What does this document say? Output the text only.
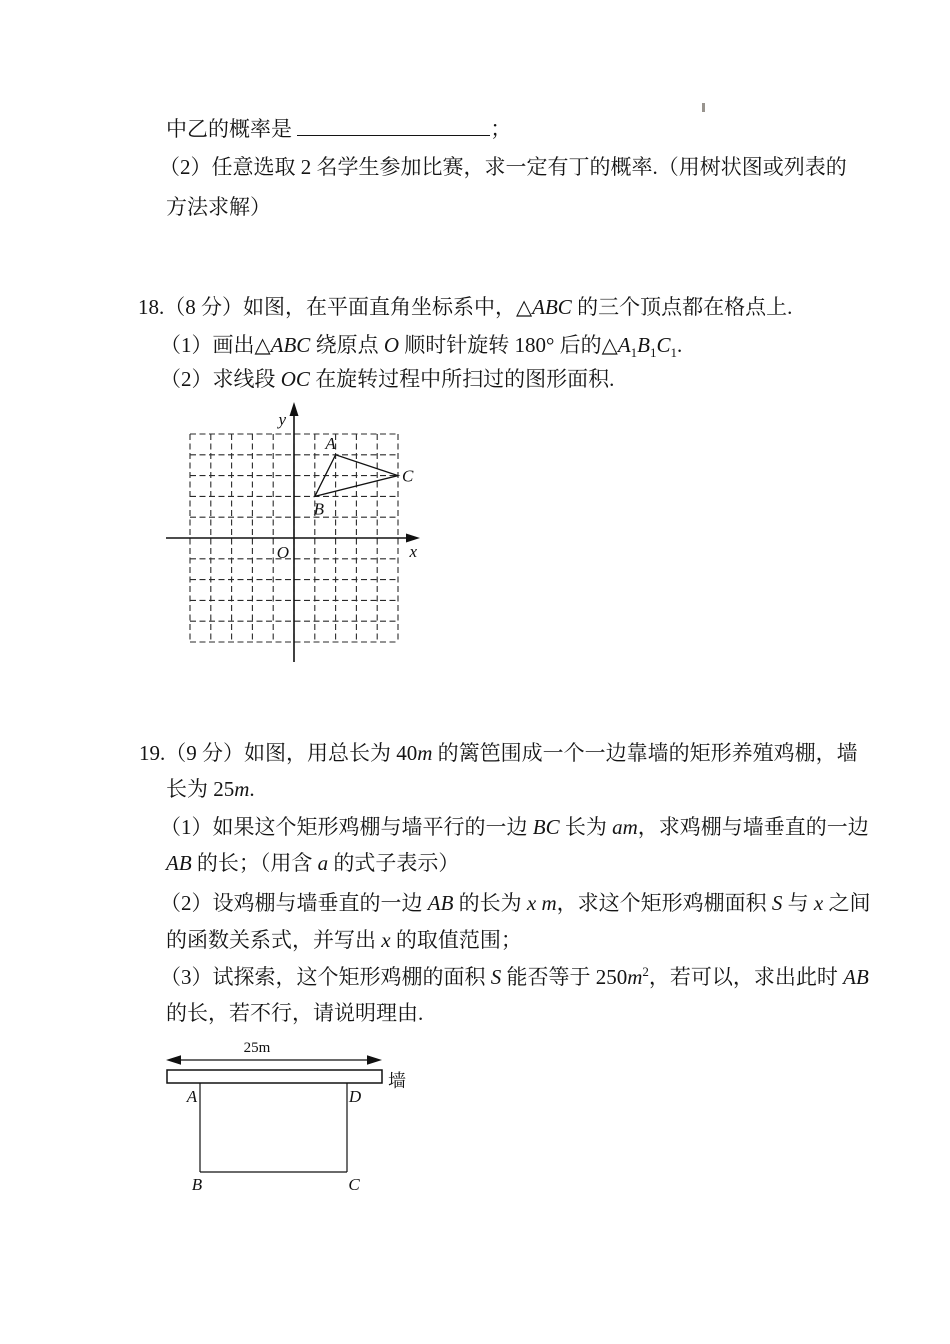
中乙的概率是	；
（2）任意选取 2 名学生参加比赛，求一定有丁的概率.（用树状图或列表的
方法求解）
18.（8 分）如图，在平面直角坐标系中，△ABC 的三个顶点都在格点上.
（1）画出△ABC 绕原点 O 顺时针旋转 180° 后的$\triangle A_1B_1C_1$.
（2）求线段 OC 在旋转过程中所扫过的图形面积.
y
x
O
A
B
C
19.（9 分）如图，用总长为 40m 的篱笆围成一个一边靠墙的矩形养殖鸡棚，墙
长为 25m.
（1）如果这个矩形鸡棚与墙平行的一边 BC 长为 am，求鸡棚与墙垂直的一边
AB 的长；（用含 a 的式子表示）
（2）设鸡棚与墙垂直的一边 AB 的长为 x m，求这个矩形鸡棚面积 S 与 x 之间
的函数关系式，并写出 x 的取值范围；
（3）试探索，这个矩形鸡棚的面积 S 能否等于 $250m^2$，若可以，求出此时 AB
的长，若不行，请说明理由.
25m
墙
A	D
B	C
